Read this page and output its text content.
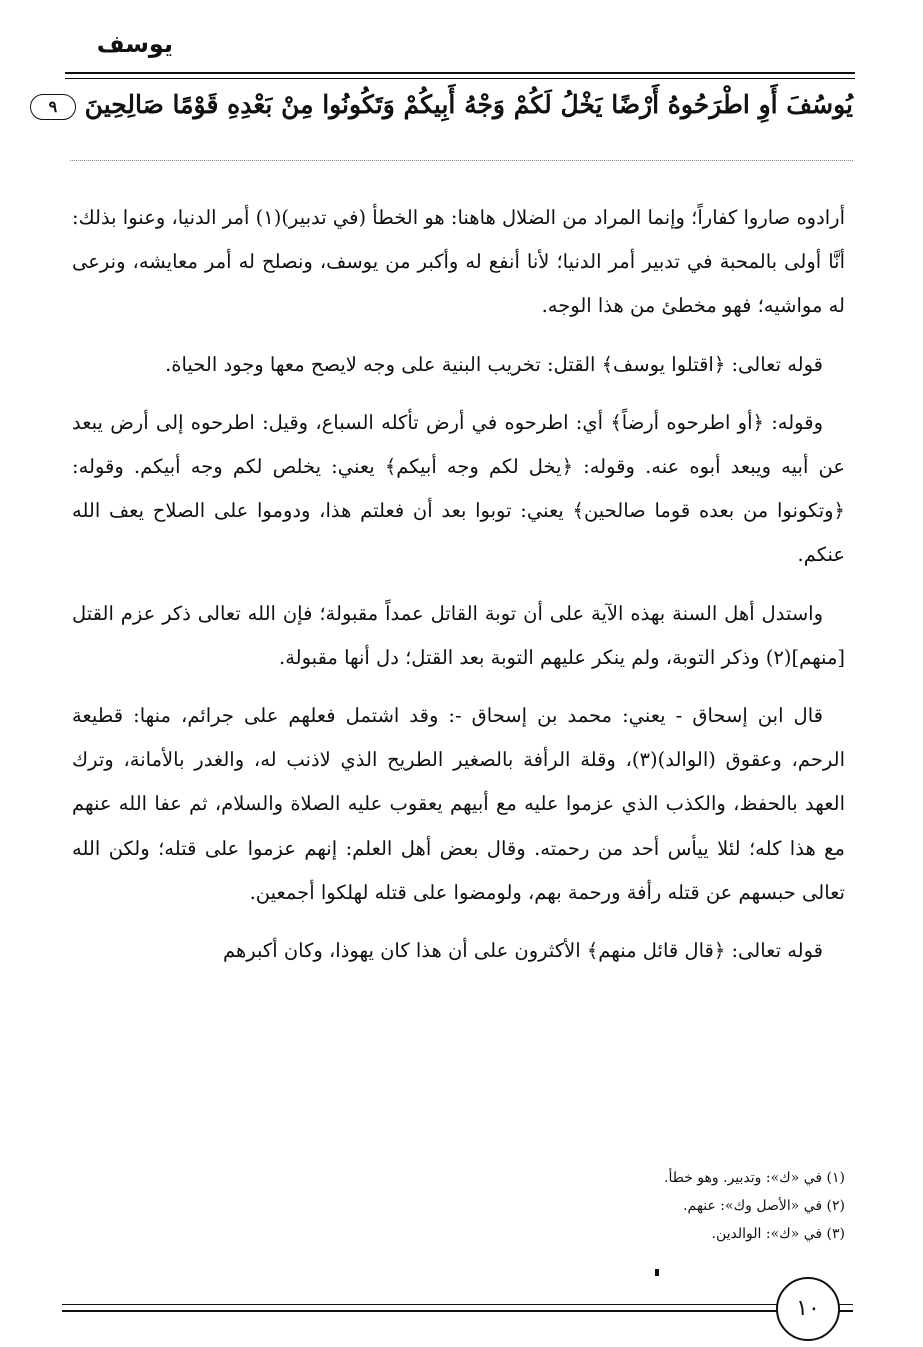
يوسف
يُوسُفَ أَوِ اطْرَحُوهُ أَرْضًا يَخْلُ لَكُمْ وَجْهُ أَبِيكُمْ وَتَكُونُوا مِنْ بَعْدِهِ قَوْمًا صَالِحِينَ ٩

أرادوه صاروا كفاراً؛ وإنما المراد من الضلال هاهنا: هو الخطأ (في تدبير)(١) أمر الدنيا، وعنوا بذلك: أنَّا أولى بالمحبة في تدبير أمر الدنيا؛ لأنا أنفع له وأكبر من يوسف، ونصلح له أمر معايشه، ونرعى له مواشيه؛ فهو مخطئ من هذا الوجه.

قوله تعالى: ﴿اقتلوا يوسف﴾ القتل: تخريب البنية على وجه لايصح معها وجود الحياة.

وقوله: ﴿أو اطرحوه أرضاً﴾ أي: اطرحوه في أرض تأكله السباع، وقيل: اطرحوه إلى أرض يبعد عن أبيه ويبعد أبوه عنه. وقوله: ﴿يخل لكم وجه أبيكم﴾ يعني: يخلص لكم وجه أبيكم. وقوله: ﴿وتكونوا من بعده قوما صالحين﴾ يعني: توبوا بعد أن فعلتم هذا، ودوموا على الصلاح يعف الله عنكم.

واستدل أهل السنة بهذه الآية على أن توبة القاتل عمداً مقبولة؛ فإن الله تعالى ذكر عزم القتل [منهم](٢) وذكر التوبة، ولم ينكر عليهم التوبة بعد القتل؛ دل أنها مقبولة.

قال ابن إسحاق - يعني: محمد بن إسحاق -: وقد اشتمل فعلهم على جرائم، منها: قطيعة الرحم، وعقوق (الوالد)(٣)، وقلة الرأفة بالصغير الطريح الذي لاذنب له، والغدر بالأمانة، وترك العهد بالحفظ، والكذب الذي عزموا عليه مع أبيهم يعقوب عليه الصلاة والسلام، ثم عفا الله عنهم مع هذا كله؛ لئلا ييأس أحد من رحمته. وقال بعض أهل العلم: إنهم عزموا على قتله؛ ولكن الله تعالى حبسهم عن قتله رأفة ورحمة بهم، ولومضوا على قتله لهلكوا أجمعين.

قوله تعالى: ﴿قال قائل منهم﴾ الأكثرون على أن هذا كان يهوذا، وكان أكبرهم

(١) في «ك»: وتدبير. وهو خطأ.
(٢) في «الأصل وك»: عنهم.
(٣) في «ك»: الوالدين.
١٠
